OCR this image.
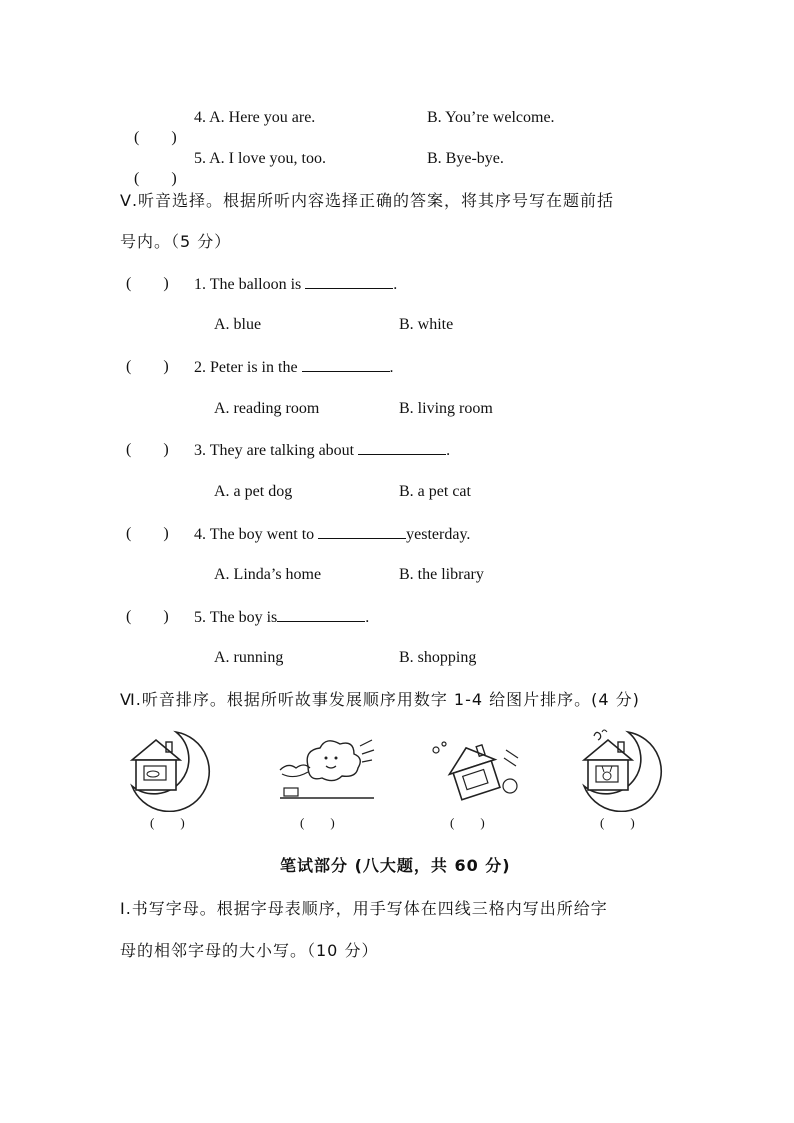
(　　)

4. A. Here you are.	B. You’re welcome.

(　　)

5. A. I love you, too.	B. Bye-bye.
Ⅴ.听音选择。根据所听内容选择正确的答案，将其序号写在题前括
号内。（5 分）
(　　) 1. The balloon is	.
A. blue	B. white
(　　) 2. Peter is in the	.
A. reading room	B. living room
(　　) 3. They are talking about	.
A. a pet dog	B. a pet cat
(　　) 4. The boy went to	yesterday.
A. Linda’s home	B. the library
(　　) 5. The boy is	.
A. running	B. shopping
Ⅵ.听音排序。根据所听故事发展顺序用数字 1-4 给图片排序。(4 分)
(　　)	(　　)	(　　)	(　　)
笔试部分 (八大题，共 60 分)
Ⅰ.书写字母。根据字母表顺序，用手写体在四线三格内写出所给字
母的相邻字母的大小写。（10 分）
